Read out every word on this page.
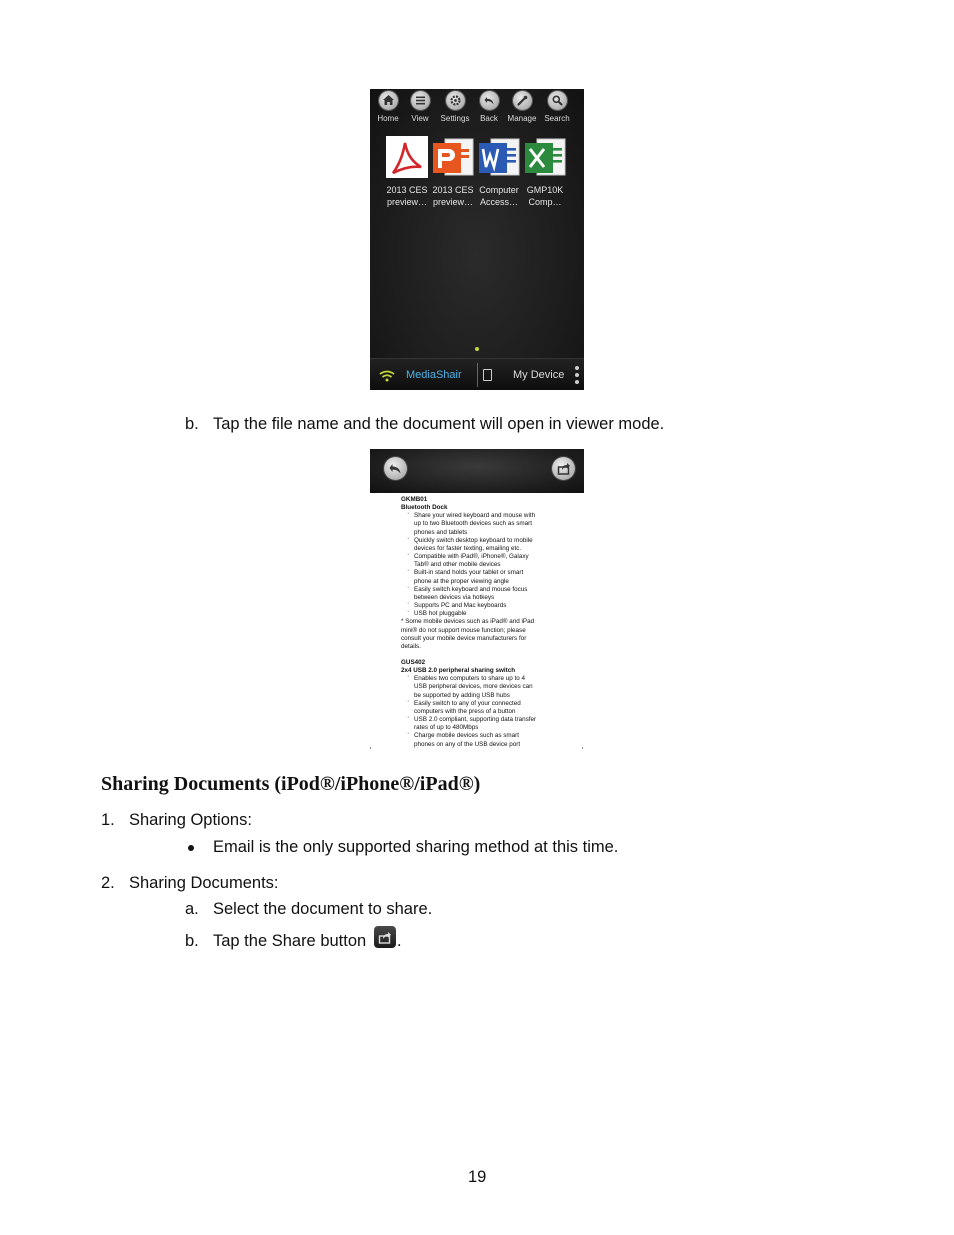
Home	View	Settings	Back	Manage Search
2013 CES
preview…
2013 CES
preview…
Computer
Access…
GMP10K
Comp…
MediaShair	My Device
b. Tap the file name and the document will open in viewer mode.
GKMB01
Bluetooth Dock
· Share your wired keyboard and mouse with
up to two Bluetooth devices such as smart
phones and tablets
· Quickly switch desktop keyboard to mobile
devices for faster texting, emailing etc.
· Compatible with iPad®, iPhone®, Galaxy
Tab® and other mobile devices
· Built-in stand holds your tablet or smart
phone at the proper viewing angle
· Easily switch keyboard and mouse focus
between devices via hotkeys
· Supports PC and Mac keyboards
· USB hot pluggable
* Some mobile devices such as iPad® and iPad
mini® do not support mouse function; please
consult your mobile device manufacturers for
details.
GUS402
2x4 USB 2.0 peripheral sharing switch
· Enables two computers to share up to 4
USB peripheral devices, more devices can
be supported by adding USB hubs
· Easily switch to any of your connected
computers with the press of a button
· USB 2.0 compliant, supporting data transfer
rates of up to 480Mbps
· Charge mobile devices such as smart
phones on any of the USB device port
Sharing Documents (iPod®/iPhone®/iPad®)
1. Sharing Options:
Email is the only supported sharing method at this time.
2. Sharing Documents:
a. Select the document to share.
b. Tap the Share button .
19
